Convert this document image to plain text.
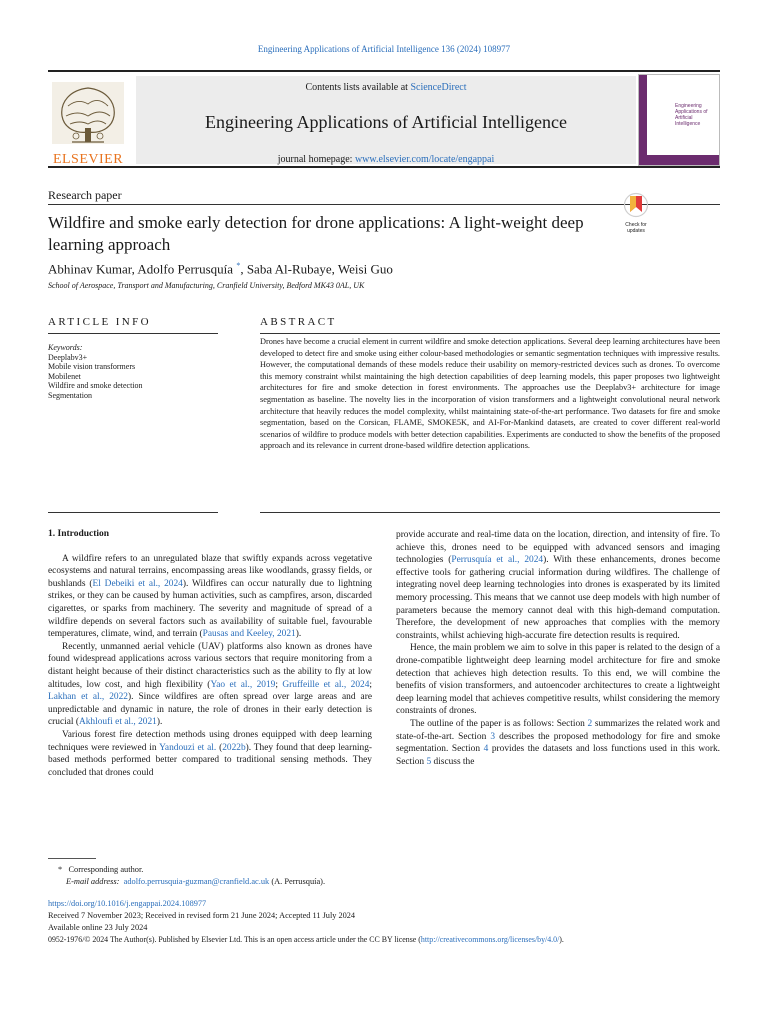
Engineering Applications of Artificial Intelligence 136 (2024) 108977
ELSEVIER
Contents lists available at ScienceDirect
Engineering Applications of Artificial Intelligence
journal homepage: www.elsevier.com/locate/engappai
Engineering Applications of Artificial Intelligence
Research paper
Wildfire and smoke early detection for drone applications: A light-weight deep learning approach
Check for
updates
Abhinav Kumar, Adolfo Perrusquía *, Saba Al-Rubaye, Weisi Guo
School of Aerospace, Transport and Manufacturing, Cranfield University, Bedford MK43 0AL, UK
ARTICLE INFO	ABSTRACT
Keywords:
Deeplabv3+
Mobile vision transformers
Mobilenet
Wildfire and smoke detection
Segmentation
Drones have become a crucial element in current wildfire and smoke detection applications. Several deep learning architectures have been developed to detect fire and smoke using either colour-based methodologies or semantic segmentation techniques with impressive results. However, the computational demands of these models reduce their usability on memory-restricted devices such as drones. To overcome this memory constraint whilst maintaining the high detection capabilities of deep learning models, this paper proposes two lightweight architectures for fire and smoke detection in forest environments. The approaches use the Deeplabv3+ architecture for image segmentation as baseline. The novelty lies in the incorporation of vision transformers and a lightweight convolutional neural network architecture that heavily reduces the model complexity, whilst maintaining state-of-the-art performance. Two datasets for fire and smoke segmentation, based on the Corsican, FLAME, SMOKE5K, and AI-For-Mankind datasets, are created to cover different real-world scenarios of wildfire to produce models with better detection capabilities. Experiments are conducted to show the benefits of the proposed approach and its relevance in current drone-based wildfire detection applications.
1. Introduction

A wildfire refers to an unregulated blaze that swiftly expands across vegetative ecosystems and natural terrains, encompassing areas like woodlands, grassy fields, or bushlands (El Debeiki et al., 2024). Wildfires can occur naturally due to lightning strikes, or they can be caused by human activities, such as campfires, arson, discarded cigarettes, or sparks from machinery. The severity and magnitude of spread of a wildfire depends on several factors such as availability of suitable fuel, favourable temperatures, climate, wind, and terrain (Pausas and Keeley, 2021).

Recently, unmanned aerial vehicle (UAV) platforms also known as drones have found widespread applications across various sectors that require monitoring from a distant height because of their distinct characteristics such as the ability to fly at low altitudes, low cost, and high flexibility (Yao et al., 2019; Gruffeille et al., 2024; Lakhan et al., 2022). Since wildfires are often spread over large areas and are unpredictable and dynamic in nature, the role of drones in their early detection is crucial (Akhloufi et al., 2021).

Various forest fire detection methods using drones equipped with deep learning techniques were reviewed in Yandouzi et al. (2022b). They found that deep learning-based methods performed better compared to traditional sensing methods. They concluded that drones could

provide accurate and real-time data on the location, direction, and intensity of fire. To achieve this, drones need to be equipped with advanced sensors and imaging technologies (Perrusquía et al., 2024). With these enhancements, drones become effective tools for gathering crucial information during wildfires. The challenge of integrating novel deep learning technologies into drones is exasperated by its limited memory processing. This means that we cannot use deep models with high number of parameters because the memory cannot deal with this high-demand computation. Therefore, the development of new approaches that complies with the memory constraints, whilst achieving high-accurate fire detection results is required.

Hence, the main problem we aim to solve in this paper is related to the design of a drone-compatible lightweight deep learning model architecture for fire and smoke detection that achieves high detection results. To this end, we will combine the benefits of vision transformers, and autoencoder architectures to create a lightweight deep learning model that achieves competitive results, whilst considering the memory constraints of drones.

The outline of the paper is as follows: Section 2 summarizes the related work and state-of-the-art. Section 3 describes the proposed methodology for fire and smoke segmentation. Section 4 provides the datasets and loss functions used in this work. Section 5 discuss the

* Corresponding author.
E-mail address: adolfo.perrusquia-guzman@cranfield.ac.uk (A. Perrusquía).
https://doi.org/10.1016/j.engappai.2024.108977
Received 7 November 2023; Received in revised form 21 June 2024; Accepted 11 July 2024
Available online 23 July 2024
0952-1976/© 2024 The Author(s). Published by Elsevier Ltd. This is an open access article under the CC BY license (http://creativecommons.org/licenses/by/4.0/).
